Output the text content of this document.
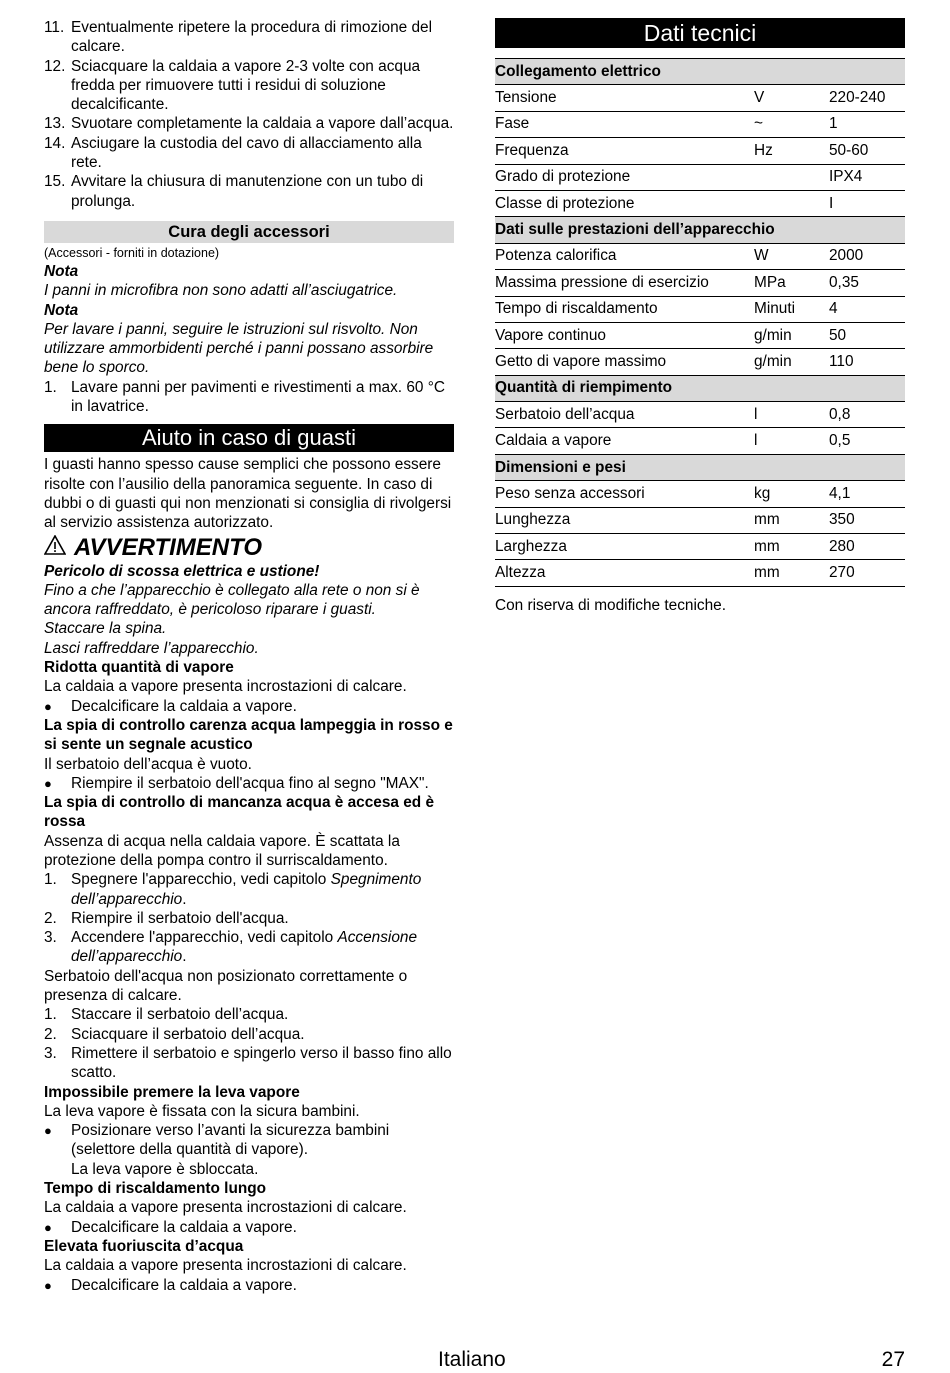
11. Eventualmente ripetere la procedura di rimozione del calcare.
12. Sciacquare la caldaia a vapore 2-3 volte con acqua fredda per rimuovere tutti i residui di soluzione decalcificante.
13. Svuotare completamente la caldaia a vapore dall’acqua.
14. Asciugare la custodia del cavo di allacciamento alla rete.
15. Avvitare la chiusura di manutenzione con un tubo di prolunga.
Cura degli accessori
(Accessori - forniti in dotazione)
Nota
I panni in microfibra non sono adatti all’asciugatrice.
Nota
Per lavare i panni, seguire le istruzioni sul risvolto. Non utilizzare ammorbidenti perché i panni possano assorbire bene lo sporco.
1. Lavare panni per pavimenti e rivestimenti a max. 60 °C in lavatrice.
Aiuto in caso di guasti
I guasti hanno spesso cause semplici che possono essere risolte con l’ausilio della panoramica seguente. In caso di dubbi o di guasti qui non menzionati si consiglia di rivolgersi al servizio assistenza autorizzato.
AVVERTIMENTO
Pericolo di scossa elettrica e ustione!
Fino a che l’apparecchio è collegato alla rete o non si è ancora raffreddato, è pericoloso riparare i guasti.
Staccare la spina.
Lasci raffreddare l’apparecchio.
Ridotta quantità di vapore
La caldaia a vapore presenta incrostazioni di calcare.
●	Decalcificare la caldaia a vapore.
La spia di controllo carenza acqua lampeggia in rosso e si sente un segnale acustico
Il serbatoio dell’acqua è vuoto.
●	Riempire il serbatoio dell'acqua fino al segno "MAX".
La spia di controllo di mancanza acqua è accesa ed è rossa
Assenza di acqua nella caldaia vapore. È scattata la protezione della pompa contro il surriscaldamento.
1. Spegnere l'apparecchio, vedi capitolo Spegnimento dell’apparecchio.
2. Riempire il serbatoio dell'acqua.
3. Accendere l'apparecchio, vedi capitolo Accensione dell’apparecchio.
Serbatoio dell'acqua non posizionato correttamente o presenza di calcare.
1. Staccare il serbatoio dell’acqua.
2. Sciacquare il serbatoio dell’acqua.
3. Rimettere il serbatoio e spingerlo verso il basso fino allo scatto.
Impossibile premere la leva vapore
La leva vapore è fissata con la sicura bambini.
●	Posizionare verso l’avanti la sicurezza bambini (selettore della quantità di vapore).
La leva vapore è sbloccata.
Tempo di riscaldamento lungo
La caldaia a vapore presenta incrostazioni di calcare.
●	Decalcificare la caldaia a vapore.
Elevata fuoriuscita d’acqua
La caldaia a vapore presenta incrostazioni di calcare.
●	Decalcificare la caldaia a vapore.
Dati tecnici
Collegamento elettrico		
Tensione	V	220-240
Fase	~	1
Frequenza	Hz	50-60
Grado di protezione		IPX4
Classe di protezione		I
Dati sulle prestazioni dell’apparecchio		
Potenza calorifica	W	2000
Massima pressione di esercizio	MPa	0,35
Tempo di riscaldamento	Minuti	4
Vapore continuo	g/min	50
Getto di vapore massimo	g/min	110
Quantità di riempimento		
Serbatoio dell’acqua	l	0,8
Caldaia a vapore	l	0,5
Dimensioni e pesi		
Peso senza accessori	kg	4,1
Lunghezza	mm	350
Larghezza	mm	280
Altezza	mm	270
Con riserva di modifiche tecniche.
Italiano	27
